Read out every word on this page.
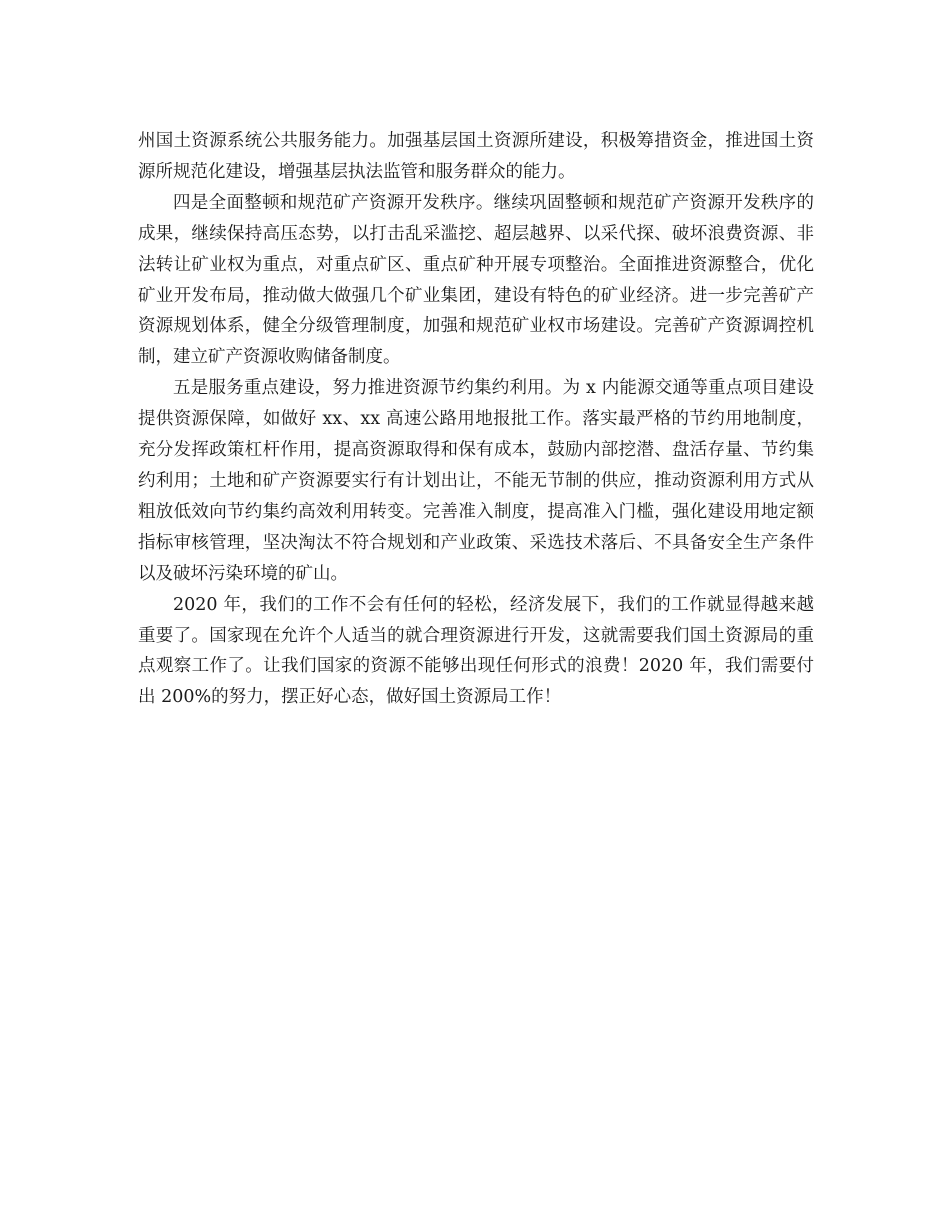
州国土资源系统公共服务能力。加强基层国土资源所建设，积极筹措资金，推进国土资源所规范化建设，增强基层执法监管和服务群众的能力。

四是全面整顿和规范矿产资源开发秩序。继续巩固整顿和规范矿产资源开发秩序的成果，继续保持高压态势，以打击乱采滥挖、超层越界、以采代探、破坏浪费资源、非法转让矿业权为重点，对重点矿区、重点矿种开展专项整治。全面推进资源整合，优化矿业开发布局，推动做大做强几个矿业集团，建设有特色的矿业经济。进一步完善矿产资源规划体系，健全分级管理制度，加强和规范矿业权市场建设。完善矿产资源调控机制，建立矿产资源收购储备制度。

五是服务重点建设，努力推进资源节约集约利用。为 x 内能源交通等重点项目建设提供资源保障，如做好 xx、xx 高速公路用地报批工作。落实最严格的节约用地制度，充分发挥政策杠杆作用，提高资源取得和保有成本，鼓励内部挖潜、盘活存量、节约集约利用；土地和矿产资源要实行有计划出让，不能无节制的供应，推动资源利用方式从粗放低效向节约集约高效利用转变。完善准入制度，提高准入门槛，强化建设用地定额指标审核管理，坚决淘汰不符合规划和产业政策、采选技术落后、不具备安全生产条件以及破坏污染环境的矿山。

2020 年，我们的工作不会有任何的轻松，经济发展下，我们的工作就显得越来越重要了。国家现在允许个人适当的就合理资源进行开发，这就需要我们国土资源局的重点观察工作了。让我们国家的资源不能够出现任何形式的浪费！2020 年，我们需要付出 200%的努力，摆正好心态，做好国土资源局工作！
